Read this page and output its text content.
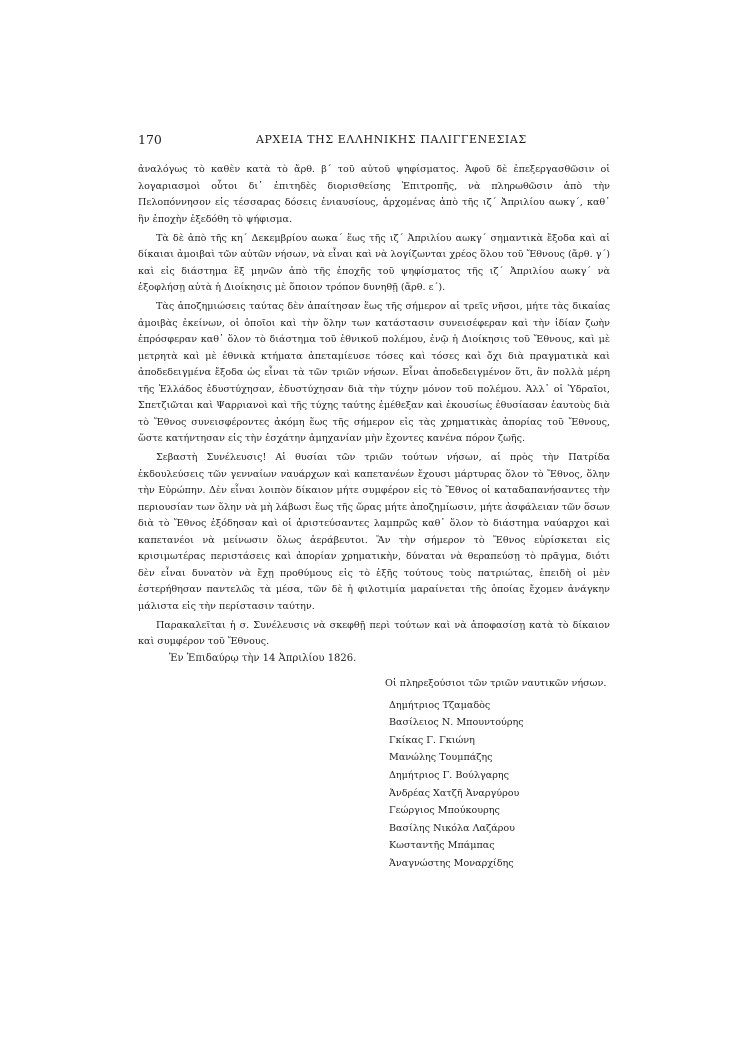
170	ΑΡΧΕΙΑ ΤΗΣ ΕΛΛΗΝΙΚΗΣ ΠΑΛΙΓΓΕΝΕΣΙΑΣ

ἀναλόγως τὸ καθὲν κατὰ τὸ ἄρθ. β΄ τοῦ αὐτοῦ ψηφίσματος. Ἀφοῦ δὲ ἐπεξεργασθῶσιν οἱ λογαριασμοὶ οὗτοι δι᾽ ἐπιτηδὲς διορισθείσης Ἐπιτροπῆς, νὰ πληρωθῶσιν ἀπὸ τὴν Πελοπόννησον εἰς τέσσαρας δόσεις ἐνιαυσίους, ἀρχομένας ἀπὸ τῆς ιζ΄ Ἀπριλίου αωκγ΄, καθ᾽ ἣν ἐποχὴν ἐξεδόθη τὸ ψήφισμα.

Τὰ δὲ ἀπὸ τῆς κη΄ Δεκεμβρίου αωκα΄ ἕως τῆς ιζ΄ Ἀπριλίου αωκγ΄ σημαντικὰ ἔξοδα καὶ αἱ δίκαιαι ἀμοιβαὶ τῶν αὐτῶν νήσων, νὰ εἶναι καὶ νὰ λογίζωνται χρέος ὅλου τοῦ Ἔθνους (ἄρθ. γ΄) καὶ εἰς διάστημα ἓξ μηνῶν ἀπὸ τῆς ἐποχῆς τοῦ ψηφίσματος τῆς ιζ΄ Ἀπριλίου αωκγ΄ νὰ ἐξοφλήσῃ αὐτὰ ἡ Διοίκησις μὲ ὅποιον τρόπον δυνηθῇ (ἄρθ. ε΄).

Τὰς ἀποζημιώσεις ταύτας δὲν ἀπαίτησαν ἕως τῆς σήμερον αἱ τρεῖς νῆσοι, μήτε τὰς δικαίας ἀμοιβὰς ἐκείνων, οἱ ὁποῖοι καὶ τὴν ὅλην των κατάστασιν συνεισέφεραν καὶ τὴν ἰδίαν ζωὴν ἐπρόσφεραν καθ᾽ ὅλον τὸ διάστημα τοῦ ἐθνικοῦ πολέμου, ἐνῷ ἡ Διοίκησις τοῦ Ἔθνους, καὶ μὲ μετρητὰ καὶ μὲ ἐθνικὰ κτήματα ἀπεταμίευσε τόσες καὶ τόσες καὶ ὄχι διὰ πραγματικὰ καὶ ἀποδεδειγμένα ἔξοδα ὡς εἶναι τὰ τῶν τριῶν νήσων. Εἶναι ἀποδεδειγμένον ὅτι, ἂν πολλὰ μέρη τῆς Ἑλλάδος ἐδυστύχησαν, ἐδυστύχησαν διὰ τὴν τύχην μόνον τοῦ πολέμου. Ἀλλ᾽ οἱ Ὑδραῖοι, Σπετζιῶται καὶ Ψαρριανοὶ καὶ τῆς τύχης ταύτης ἐμέθεξαν καὶ ἑκουσίως ἐθυσίασαν ἑαυτοὺς διὰ τὸ Ἔθνος συνεισφέροντες ἀκόμη ἕως τῆς σήμερον εἰς τὰς χρηματικὰς ἀπορίας τοῦ Ἔθνους, ὥστε κατήντησαν εἰς τὴν ἐσχάτην ἀμηχανίαν μὴν ἔχοντες κανένα πόρον ζωῆς.

Σεβαστὴ Συνέλευσις! Αἱ θυσίαι τῶν τριῶν τούτων νήσων, αἱ πρὸς τὴν Πατρίδα ἐκδουλεύσεις τῶν γενναίων ναυάρχων καὶ καπετανέων ἔχουσι μάρτυρας ὅλον τὸ Ἔθνος, ὅλην τὴν Εὐρώπην. Δὲν εἶναι λοιπὸν δίκαιον μήτε συμφέρον εἰς τὸ Ἔθνος οἱ καταδαπανήσαντες τὴν περιουσίαν των ὅλην νὰ μὴ λάβωσι ἕως τῆς ὥρας μήτε ἀποζημίωσιν, μήτε ἀσφάλειαν τῶν ὅσων διὰ τὸ Ἔθνος ἐξόδησαν καὶ οἱ ἀριστεύσαντες λαμπρῶς καθ᾽ ὅλον τὸ διάστημα ναύαρχοι καὶ καπετανέοι νὰ μείνωσιν ὅλως ἀεράβευτοι. Ἂν τὴν σήμερον τὸ Ἔθνος εὑρίσκεται εἰς κρισιμωτέρας περιστάσεις καὶ ἀπορίαν χρηματικὴν, δύναται νὰ θεραπεύσῃ τὸ πρᾶγμα, διότι δὲν εἶναι δυνατὸν νὰ ἔχῃ προθύμους εἰς τὸ ἑξῆς τούτους τοὺς πατριώτας, ἐπειδὴ οἱ μὲν ἐστερήθησαν παντελῶς τὰ μέσα, τῶν δὲ ἡ φιλοτιμία μαραίνεται τῆς ὁποίας ἔχομεν ἀνάγκην μάλιστα εἰς τὴν περίστασιν ταύτην.

Παρακαλεῖται ἡ σ. Συνέλευσις νὰ σκεφθῇ περὶ τούτων καὶ νὰ ἀποφασίσῃ κατὰ τὸ δίκαιον καὶ συμφέρον τοῦ Ἔθνους.

Ἐν Ἐπιδαύρῳ τὴν 14 Ἀπριλίου 1826.
Οἱ πληρεξούσιοι τῶν τριῶν ναυτικῶν νήσων.
Δημήτριος Τζαμαδὸς
Βασίλειος Ν. Μπουντούρης
Γκίκας Γ. Γκιώνη
Μανώλης Τουμπάζης
Δημήτριος Γ. Βούλγαρης
Ἀνδρέας Χατζῆ Ἀναργύρου
Γεώργιος Μπούκουρης
Βασίλης Νικόλα Λαζάρου
Κωσταντῆς Μπάμπας
Ἀναγνώστης Μοναρχίδης
